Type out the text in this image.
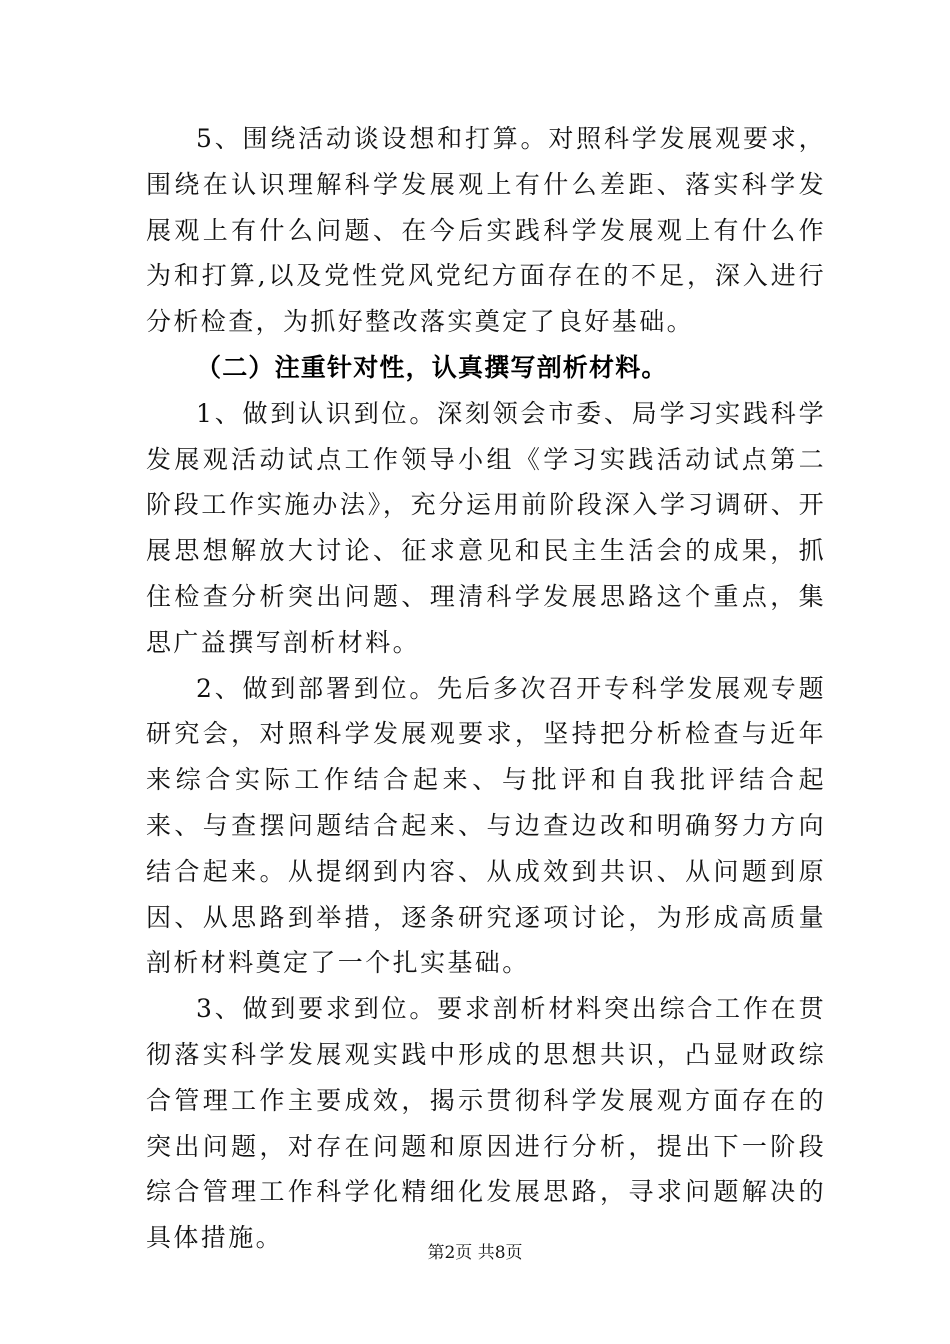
5、围绕活动谈设想和打算。对照科学发展观要求，围绕在认识理解科学发展观上有什么差距、落实科学发展观上有什么问题、在今后实践科学发展观上有什么作为和打算,以及党性党风党纪方面存在的不足，深入进行分析检查，为抓好整改落实奠定了良好基础。

（二）注重针对性，认真撰写剖析材料。

1、做到认识到位。深刻领会市委、局学习实践科学发展观活动试点工作领导小组《学习实践活动试点第二阶段工作实施办法》，充分运用前阶段深入学习调研、开展思想解放大讨论、征求意见和民主生活会的成果，抓住检查分析突出问题、理清科学发展思路这个重点，集思广益撰写剖析材料。

2、做到部署到位。先后多次召开专科学发展观专题研究会，对照科学发展观要求，坚持把分析检查与近年来综合实际工作结合起来、与批评和自我批评结合起来、与查摆问题结合起来、与边查边改和明确努力方向结合起来。从提纲到内容、从成效到共识、从问题到原因、从思路到举措，逐条研究逐项讨论，为形成高质量剖析材料奠定了一个扎实基础。

3、做到要求到位。要求剖析材料突出综合工作在贯彻落实科学发展观实践中形成的思想共识，凸显财政综合管理工作主要成效，揭示贯彻科学发展观方面存在的突出问题，对存在问题和原因进行分析，提出下一阶段综合管理工作科学化精细化发展思路，寻求问题解决的具体措施。

第2页 共8页
